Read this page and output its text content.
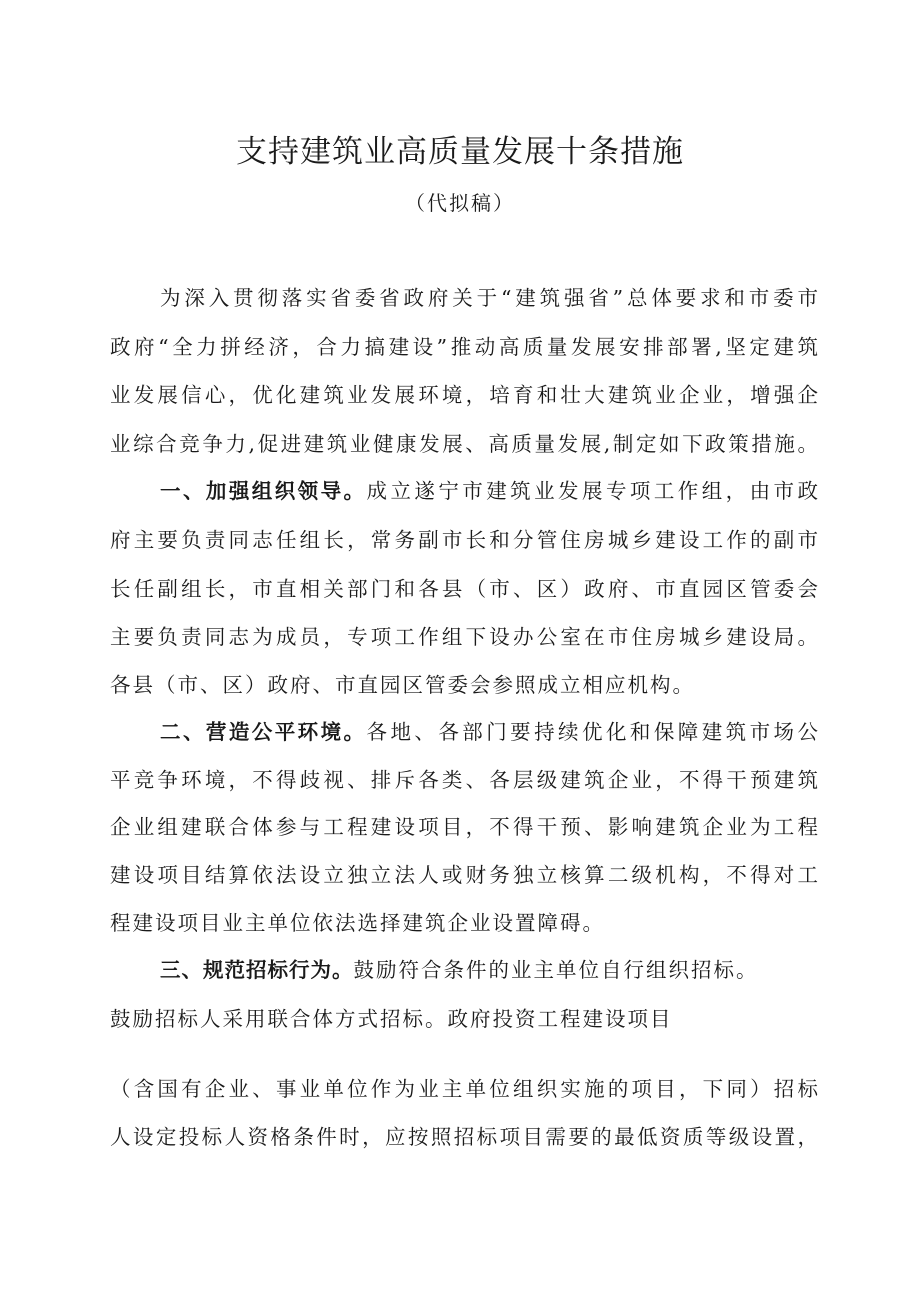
支持建筑业高质量发展十条措施
（代拟稿）
为深入贯彻落实省委省政府关于“建筑强省”总体要求和市委市
政府“全力拼经济，合力搞建设”推动高质量发展安排部署,坚定建筑
业发展信心，优化建筑业发展环境，培育和壮大建筑业企业，增强企
业综合竞争力,促进建筑业健康发展、高质量发展,制定如下政策措施。
一、加强组织领导。成立遂宁市建筑业发展专项工作组，由市政
府主要负责同志任组长，常务副市长和分管住房城乡建设工作的副市
长任副组长，市直相关部门和各县（市、区）政府、市直园区管委会
主要负责同志为成员，专项工作组下设办公室在市住房城乡建设局。
各县（市、区）政府、市直园区管委会参照成立相应机构。
二、营造公平环境。各地、各部门要持续优化和保障建筑市场公
平竞争环境，不得歧视、排斥各类、各层级建筑企业，不得干预建筑
企业组建联合体参与工程建设项目，不得干预、影响建筑企业为工程
建设项目结算依法设立独立法人或财务独立核算二级机构，不得对工
程建设项目业主单位依法选择建筑企业设置障碍。
三、规范招标行为。鼓励符合条件的业主单位自行组织招标。
鼓励招标人采用联合体方式招标。政府投资工程建设项目
（含国有企业、事业单位作为业主单位组织实施的项目，下同）招标
人设定投标人资格条件时，应按照招标项目需要的最低资质等级设置，
